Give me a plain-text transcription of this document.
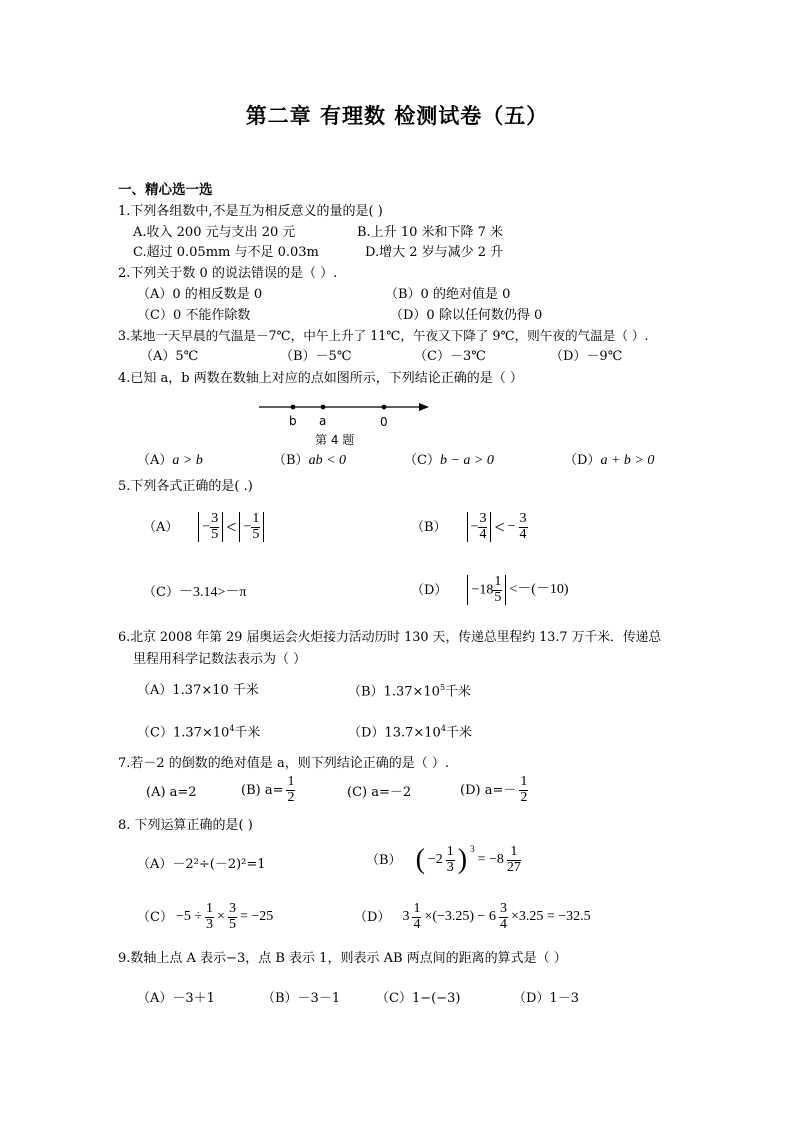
第二章 有理数 检测试卷（五）
一、精心选一选
1.下列各组数中,不是互为相反意义的量的是( )
A.收入 200 元与支出 20 元	B.上升 10 米和下降 7 米
C.超过 0.05mm 与不足 0.03m	D.增大 2 岁与减少 2 升
2.下列关于数 0 的说法错误的是（ ）.
（A）0 的相反数是 0	（B）0 的绝对值是 0
（C）0 不能作除数	（D）0 除以任何数仍得 0
3.某地一天早晨的气温是－7℃，中午上升了 11℃，午夜又下降了 9℃，则午夜的气温是（ ）.
（A）5℃	（B）－5℃	（C）－3℃	（D）－9℃
4.已知 a，b 两数在数轴上对应的点如图所示，下列结论正确的是（ ）
b a	0
第 4 题
（A）a > b	（B）ab < 0	（C）b − a > 0	（D）a + b > 0
5.下列各式正确的是( .)
$(A) - \frac{3}{5}$ < − $\frac{1}{5}$	$(B) - \frac{3}{4}$ < − $\frac{3}{4}$
（C）－3.14>－π	$(D) -18 \frac{1}{5} <-(-10)$
6.北京 2008 年第 29 届奥运会火炬接力活动历时 130 天，传递总里程约 13.7 万千米．传递总
里程用科学记数法表示为（ ）
（A）1.37×10 千米	$(B)1.37\times 10^5$千米
$(C)1.37\times 10^4$千米	$(D)13.7\times 10^4$千米
7.若－2 的倒数的绝对值是 a，则下列结论正确的是（ ）.
(A) a=2	(B) $a= \frac{1}{2}$	(C) a=－2	(D) $a=- \frac{1}{2}$
8. 下列运算正确的是( )
（A）－2²÷(－2)²=1	（B） ( $-2 \frac{1}{3}$ ) $^3$
= $-8 \frac{1}{27}$
$(C) -5 \div \frac{1}{3} \times \frac{3}{5} = -25$	（D） $3 \frac{1}{4} \times(-3.25) - 6 \frac{3}{4} \times 3.25 = -32.5$
9.数轴上点 A 表示−3，点 B 表示 1，则表示 AB 两点间的距离的算式是（ ）
（A）－3＋1	（B）－3－1	（C）1−(−3)	（D）1－3
